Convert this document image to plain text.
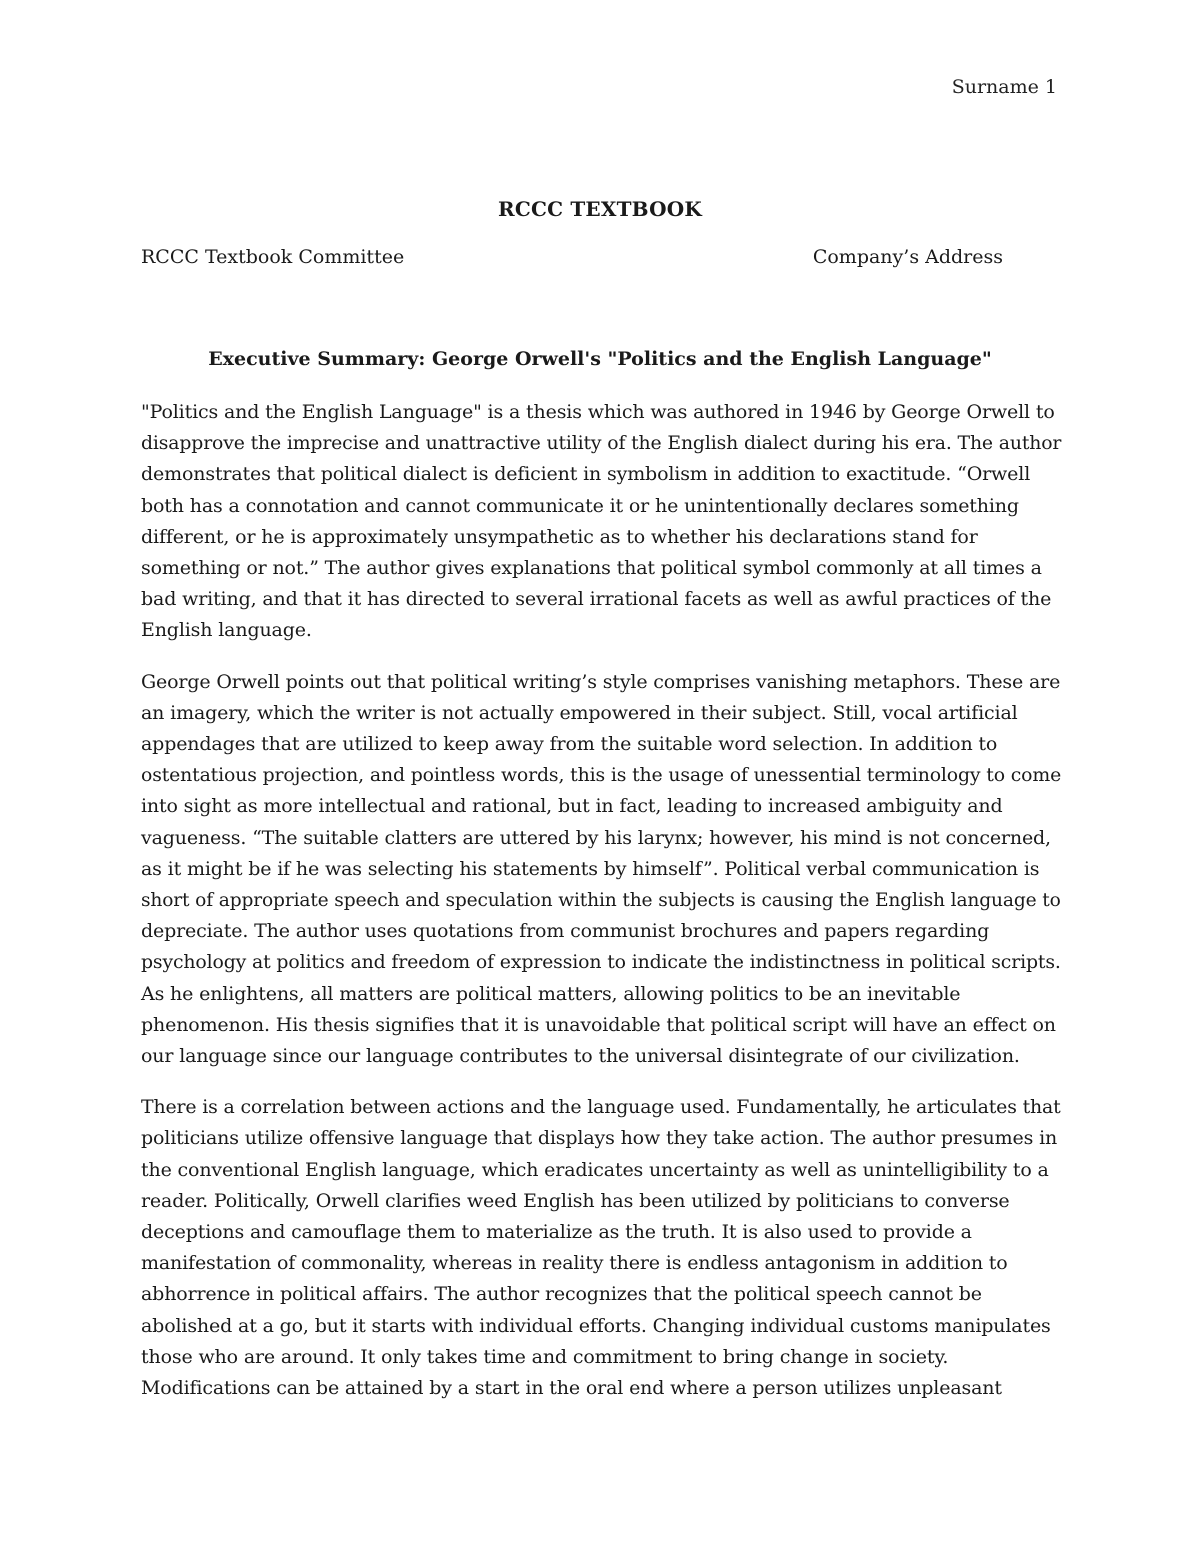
Surname 1
RCCC TEXTBOOK
RCCC Textbook Committee	Company’s Address
Executive Summary: George Orwell's "Politics and the English Language"
"Politics and the English Language" is a thesis which was authored in 1946 by George Orwell to
disapprove the imprecise and unattractive utility of the English dialect during his era. The author
demonstrates that political dialect is deficient in symbolism in addition to exactitude. “Orwell
both has a connotation and cannot communicate it or he unintentionally declares something
different, or he is approximately unsympathetic as to whether his declarations stand for
something or not.” The author gives explanations that political symbol commonly at all times a
bad writing, and that it has directed to several irrational facets as well as awful practices of the
English language.
George Orwell points out that political writing’s style comprises vanishing metaphors. These are
an imagery, which the writer is not actually empowered in their subject. Still, vocal artificial
appendages that are utilized to keep away from the suitable word selection. In addition to
ostentatious projection, and pointless words, this is the usage of unessential terminology to come
into sight as more intellectual and rational, but in fact, leading to increased ambiguity and
vagueness. “The suitable clatters are uttered by his larynx; however, his mind is not concerned,
as it might be if he was selecting his statements by himself”. Political verbal communication is
short of appropriate speech and speculation within the subjects is causing the English language to
depreciate. The author uses quotations from communist brochures and papers regarding
psychology at politics and freedom of expression to indicate the indistinctness in political scripts.
As he enlightens, all matters are political matters, allowing politics to be an inevitable
phenomenon. His thesis signifies that it is unavoidable that political script will have an effect on
our language since our language contributes to the universal disintegrate of our civilization.
There is a correlation between actions and the language used. Fundamentally, he articulates that
politicians utilize offensive language that displays how they take action. The author presumes in
the conventional English language, which eradicates uncertainty as well as unintelligibility to a
reader. Politically, Orwell clarifies weed English has been utilized by politicians to converse
deceptions and camouflage them to materialize as the truth. It is also used to provide a
manifestation of commonality, whereas in reality there is endless antagonism in addition to
abhorrence in political affairs. The author recognizes that the political speech cannot be
abolished at a go, but it starts with individual efforts. Changing individual customs manipulates
those who are around. It only takes time and commitment to bring change in society.
Modifications can be attained by a start in the oral end where a person utilizes unpleasant
